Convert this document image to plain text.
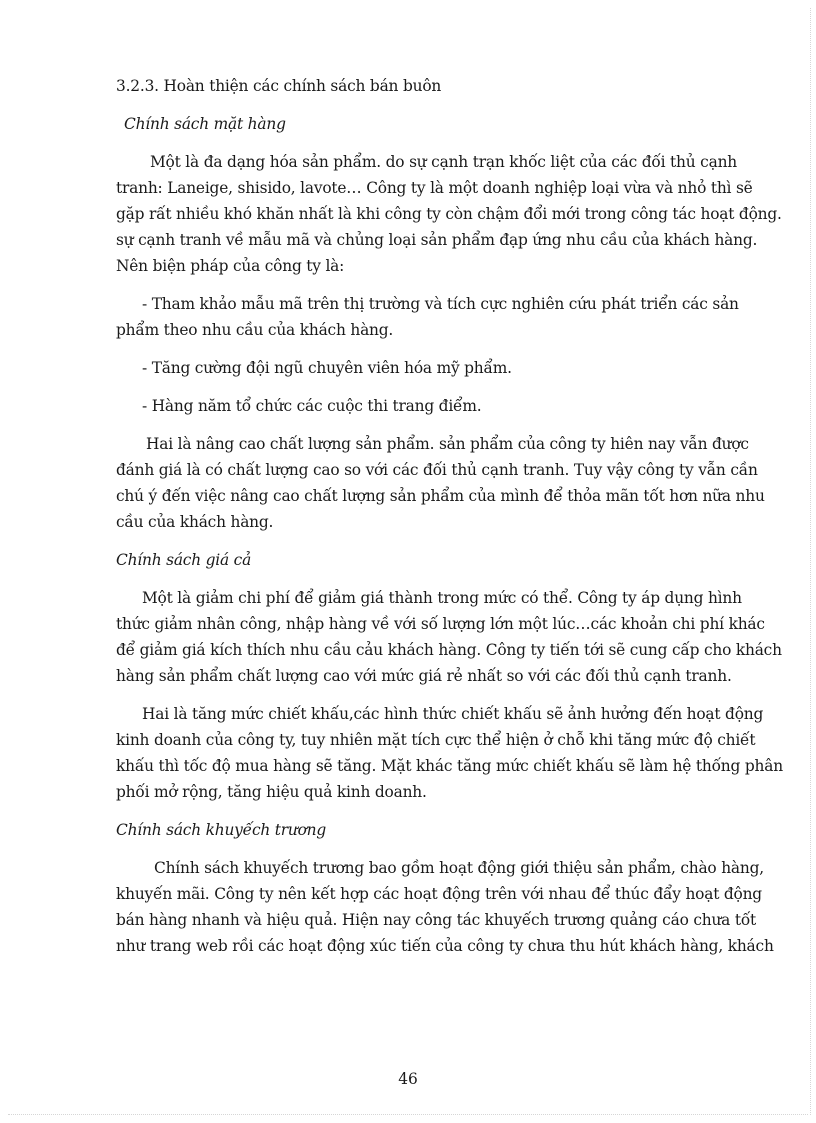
3.2.3. Hoàn thiện các chính sách bán buôn
Chính sách mặt hàng
Một là đa dạng hóa sản phẩm. do sự cạnh trạn khốc liệt của các đối thủ cạnh
tranh: Laneige, shisido, lavote… Công ty là một doanh nghiệp loại vừa và nhỏ thì sẽ
gặp rất nhiều khó khăn nhất là khi công ty còn chậm đổi mới trong công tác hoạt động.
sự cạnh tranh về mẫu mã và chủng loại sản phẩm đạp ứng nhu cầu của khách hàng.
Nên biện pháp của công ty là:
- Tham khảo mẫu mã trên thị trường và tích cực nghiên cứu phát triển các sản
phẩm theo nhu cầu của khách hàng.
- Tăng cường đội ngũ chuyên viên hóa mỹ phẩm.
- Hàng năm tổ chức các cuộc thi trang điểm.
Hai là nâng cao chất lượng sản phẩm. sản phẩm của công ty hiên nay vẫn được
đánh giá là có chất lượng cao so với các đối thủ cạnh tranh. Tuy vậy công ty vẫn cần
chú ý đến việc nâng cao chất lượng sản phẩm của mình để thỏa mãn tốt hơn nữa nhu
cầu của khách hàng.
Chính sách giá cả
Một là giảm chi phí để giảm giá thành trong mức có thể. Công ty áp dụng hình
thức giảm nhân công, nhập hàng về với số lượng lớn một lúc…các khoản chi phí khác
để giảm giá kích thích nhu cầu cảu khách hàng. Công ty tiến tới sẽ cung cấp cho khách
hàng sản phẩm chất lượng cao với mức giá rẻ nhất so với các đối thủ cạnh tranh.
Hai là tăng mức chiết khấu,các hình thức chiết khấu sẽ ảnh hưởng đến hoạt động
kinh doanh của công ty, tuy nhiên mặt tích cực thể hiện ở chỗ khi tăng mức độ chiết
khấu thì tốc độ mua hàng sẽ tăng. Mặt khác tăng mức chiết khấu sẽ làm hệ thống phân
phối mở rộng, tăng hiệu quả kinh doanh.
Chính sách khuyếch trương
Chính sách khuyếch trương bao gồm hoạt động giới thiệu sản phẩm, chào hàng,
khuyến mãi. Công ty nên kết hợp các hoạt động trên với nhau để thúc đẩy hoạt động
bán hàng nhanh và hiệu quả. Hiện nay công tác khuyếch trương quảng cáo chưa tốt
như trang web rồi các hoạt động xúc tiến của công ty chưa thu hút khách hàng, khách
46
